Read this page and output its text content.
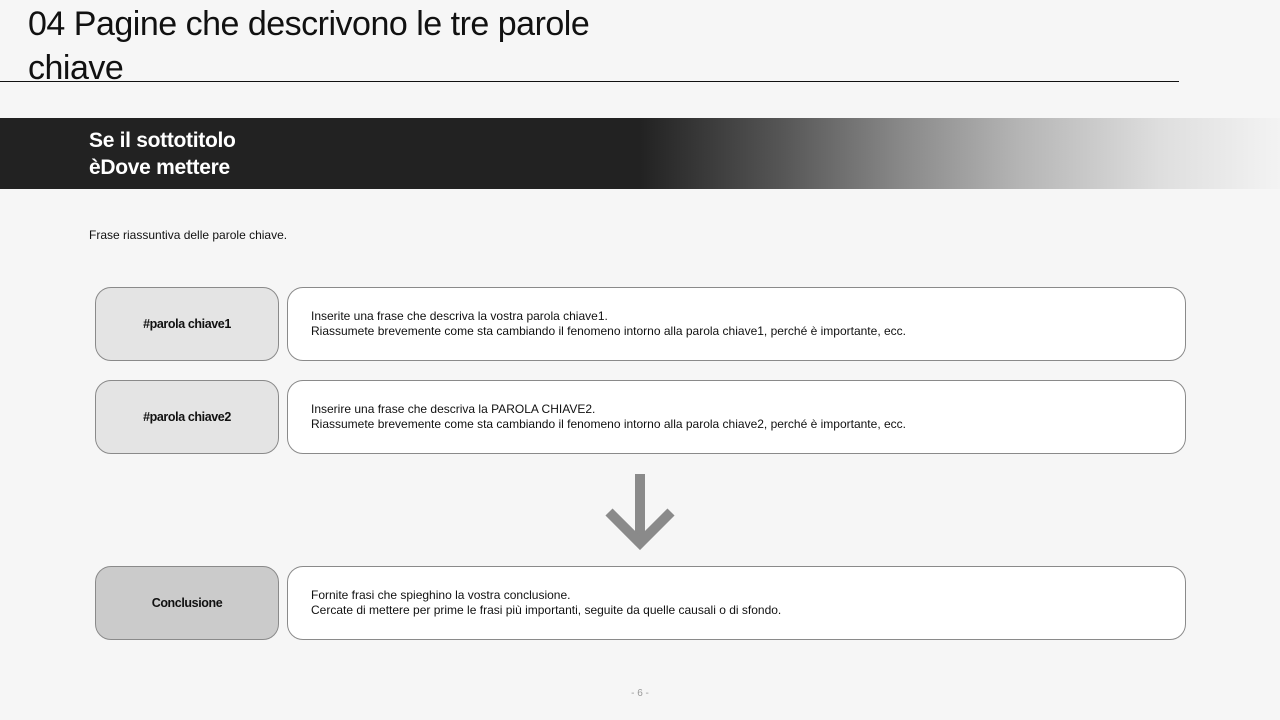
04 Pagine che descrivono le tre parole chiave
Se il sottotitolo
èDove mettere
Frase riassuntiva delle parole chiave.
#parola chiave1
Inserite una frase che descriva la vostra parola chiave1.
Riassumete brevemente come sta cambiando il fenomeno intorno alla parola chiave1, perché è importante, ecc.
#parola chiave2
Inserire una frase che descriva la PAROLA CHIAVE2.
Riassumete brevemente come sta cambiando il fenomeno intorno alla parola chiave2, perché è importante, ecc.
Conclusione
Fornite frasi che spieghino la vostra conclusione.
Cercate di mettere per prime le frasi più importanti, seguite da quelle causali o di sfondo.
- 6 -
